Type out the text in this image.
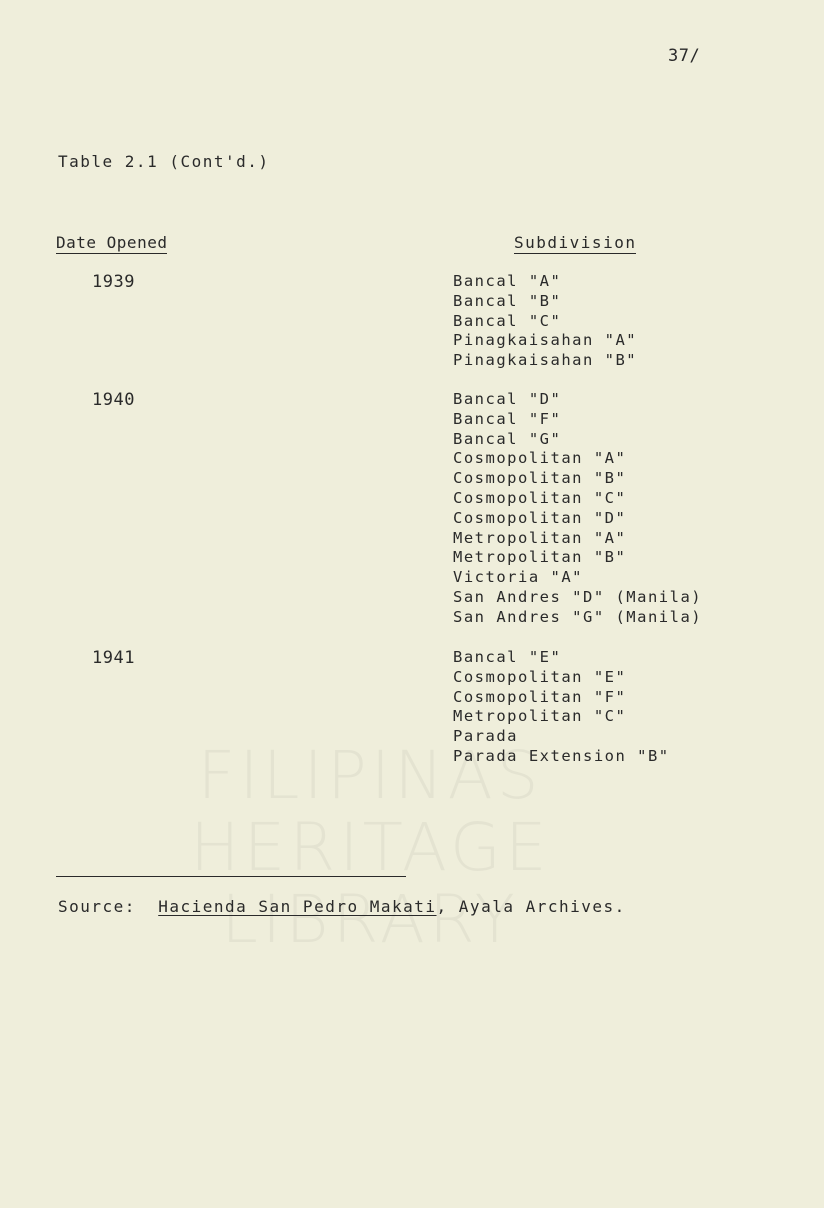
37/
Table 2.1 (Cont'd.)
Date Opened	Subdivision
1939	Bancal "A"
Bancal "B"
Bancal "C"
Pinagkaisahan "A"
Pinagkaisahan "B"
1940	Bancal "D"
Bancal "F"
Bancal "G"
Cosmopolitan "A"
Cosmopolitan "B"
Cosmopolitan "C"
Cosmopolitan "D"
Metropolitan "A"
Metropolitan "B"
Victoria "A"
San Andres "D" (Manila)
San Andres "G" (Manila)
1941	Bancal "E"
Cosmopolitan "E"
Cosmopolitan "F"
Metropolitan "C"
Parada
Parada Extension "B"
Source: Hacienda San Pedro Makati, Ayala Archives.
